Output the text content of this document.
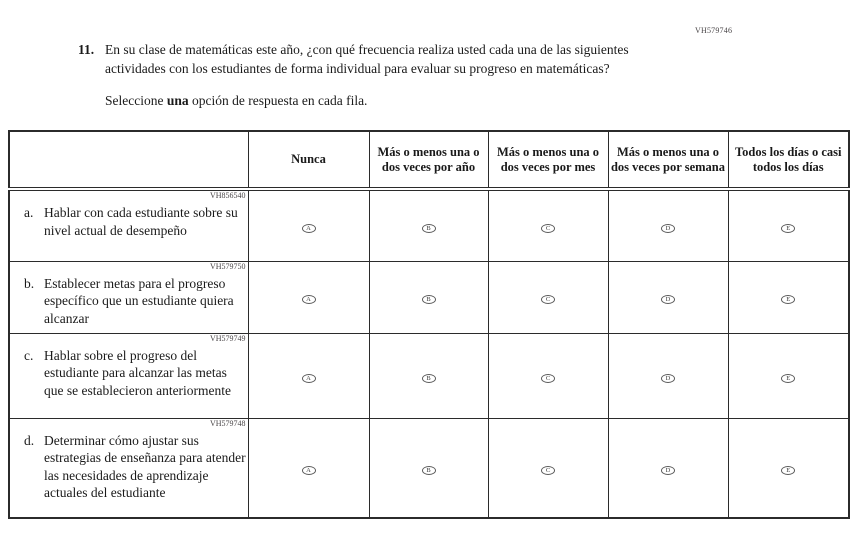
VH579746
11. En su clase de matemáticas este año, ¿con qué frecuencia realiza usted cada una de las siguientes actividades con los estudiantes de forma individual para evaluar su progreso en matemáticas?
Seleccione una opción de respuesta en cada fila.
	Nunca	Más o menos una o dos veces por año	Más o menos una o dos veces por mes	Más o menos una o dos veces por semana	Todos los días o casi todos los días

VH856540
a. Hablar con cada estudiante sobre su nivel actual de desempeño	A	B	C	D	E

VH579750
b. Establecer metas para el progreso específico que un estudiante quiera alcanzar	A	B	C	D	E

VH579749
c. Hablar sobre el progreso del estudiante para alcanzar las metas que se establecieron anteriormente	A	B	C	D	E

VH579748
d. Determinar cómo ajustar sus estrategias de enseñanza para atender las necesidades de aprendizaje actuales del estudiante	A	B	C	D	E
